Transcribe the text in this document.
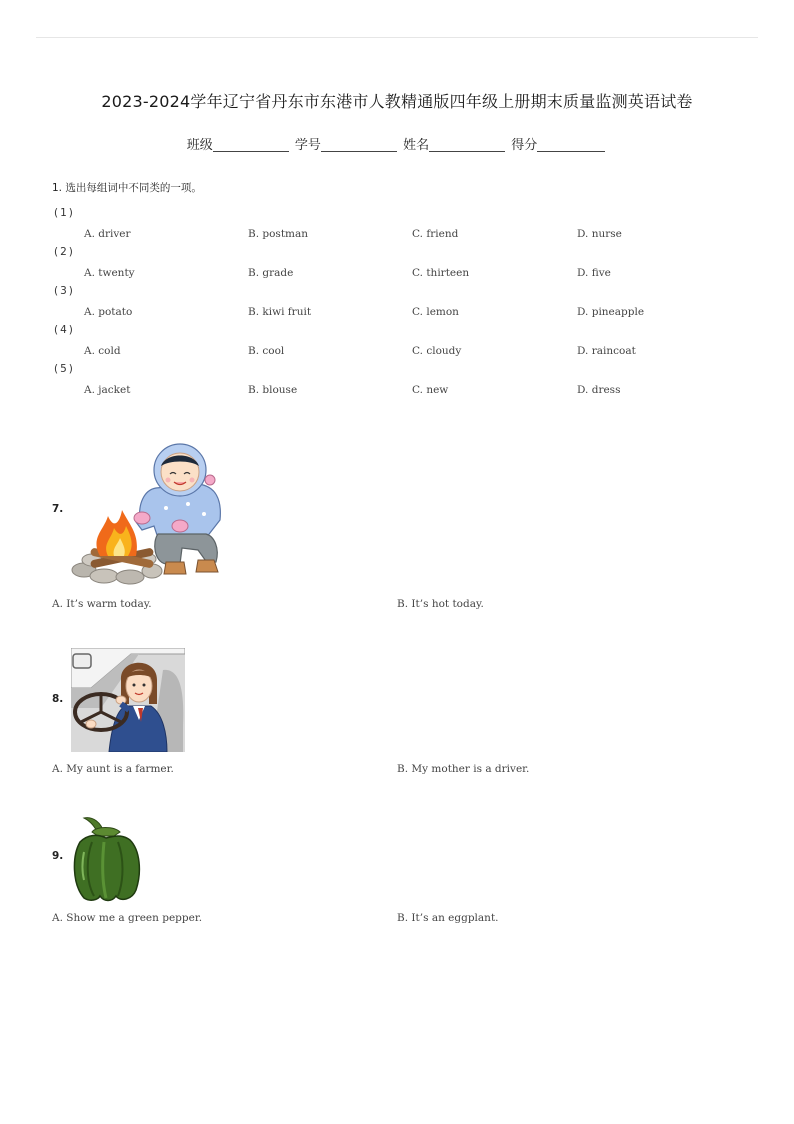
2023-2024学年辽宁省丹东市东港市人教精通版四年级上册期末质量监测英语试卷
班级	学号	姓名	得分
1. 选出每组词中不同类的一项。
(1)
A. driver	B. postman	C. friend	D. nurse
(2)
A. twenty	B. grade	C. thirteen	D. five
(3)
A. potato	B. kiwi fruit	C. lemon	D. pineapple
(4)
A. cold	B. cool	C. cloudy	D. raincoat
(5)
A. jacket	B. blouse	C. new	D. dress
7.
A. It’s warm today.	B. It’s hot today.
8.
A. My aunt is a farmer.	B. My mother is a driver.
9.
A. Show me a green pepper.	B. It’s an eggplant.
